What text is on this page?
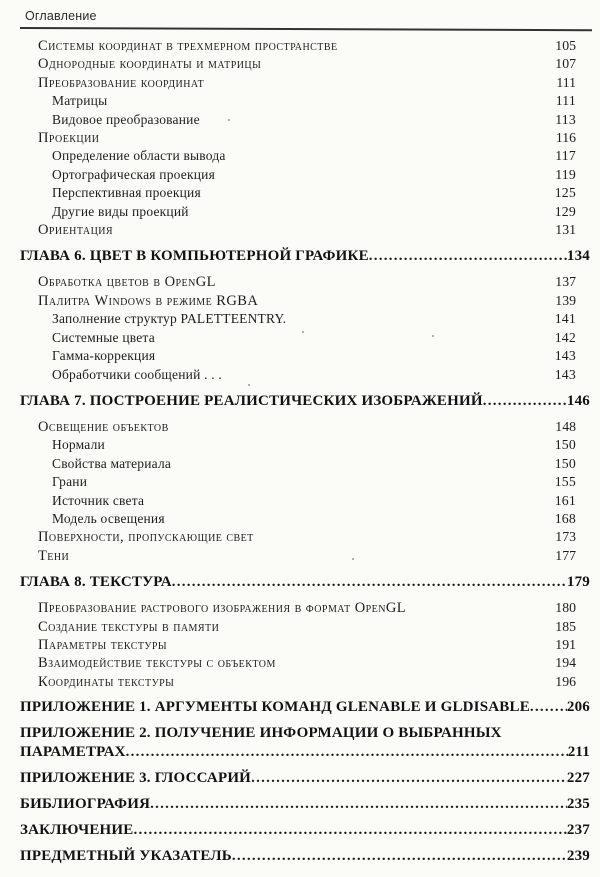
Оглавление
Системы координат в трехмерном пространстве	105
Однородные координаты и матрицы	107
Преобразование координат	111
Матрицы	111
Видовое преобразование	113
Проекции	116
Определение области вывода	117
Ортографическая проекция	119
Перспективная проекция	125
Другие виды проекций	129
Ориентация	131
ГЛАВА 6. ЦВЕТ В КОМПЬЮТЕРНОЙ ГРАФИКЕ .....	134
Обработка цветов в OpenGL	137
Палитра Windows в режиме RGBA	139
Заполнение структур PALETTEENTRY.	141
Системные цвета	142
Гамма-коррекция	143
Обработчики сообщений . . .	143
ГЛАВА 7. ПОСТРОЕНИЕ РЕАЛИСТИЧЕСКИХ ИЗОБРАЖЕНИЙ .....	146
Освещение объектов	148
Нормали	150
Свойства материала	150
Грани	155
Источник света	161
Модель освещения	168
Поверхности, пропускающие свет	173
Тени	177
ГЛАВА 8. ТЕКСТУРА .....	179
Преобразование растрового изображения в формат OpenGL	180
Создание текстуры в памяти	185
Параметры текстуры	191
Взаимодействие текстуры с объектом	194
Координаты текстуры	196
ПРИЛОЖЕНИЕ 1. АРГУМЕНТЫ КОМАНД GLENABLE И GLDISABLE ..... 206
ПРИЛОЖЕНИЕ 2. ПОЛУЧЕНИЕ ИНФОРМАЦИИ О ВЫБРАННЫХ
ПАРАМЕТРАХ .....	211
ПРИЛОЖЕНИЕ 3. ГЛОССАРИЙ .....	227
БИБЛИОГРАФИЯ .....	235
ЗАКЛЮЧЕНИЕ .....	237
ПРЕДМЕТНЫЙ УКАЗАТЕЛЬ .....	239
